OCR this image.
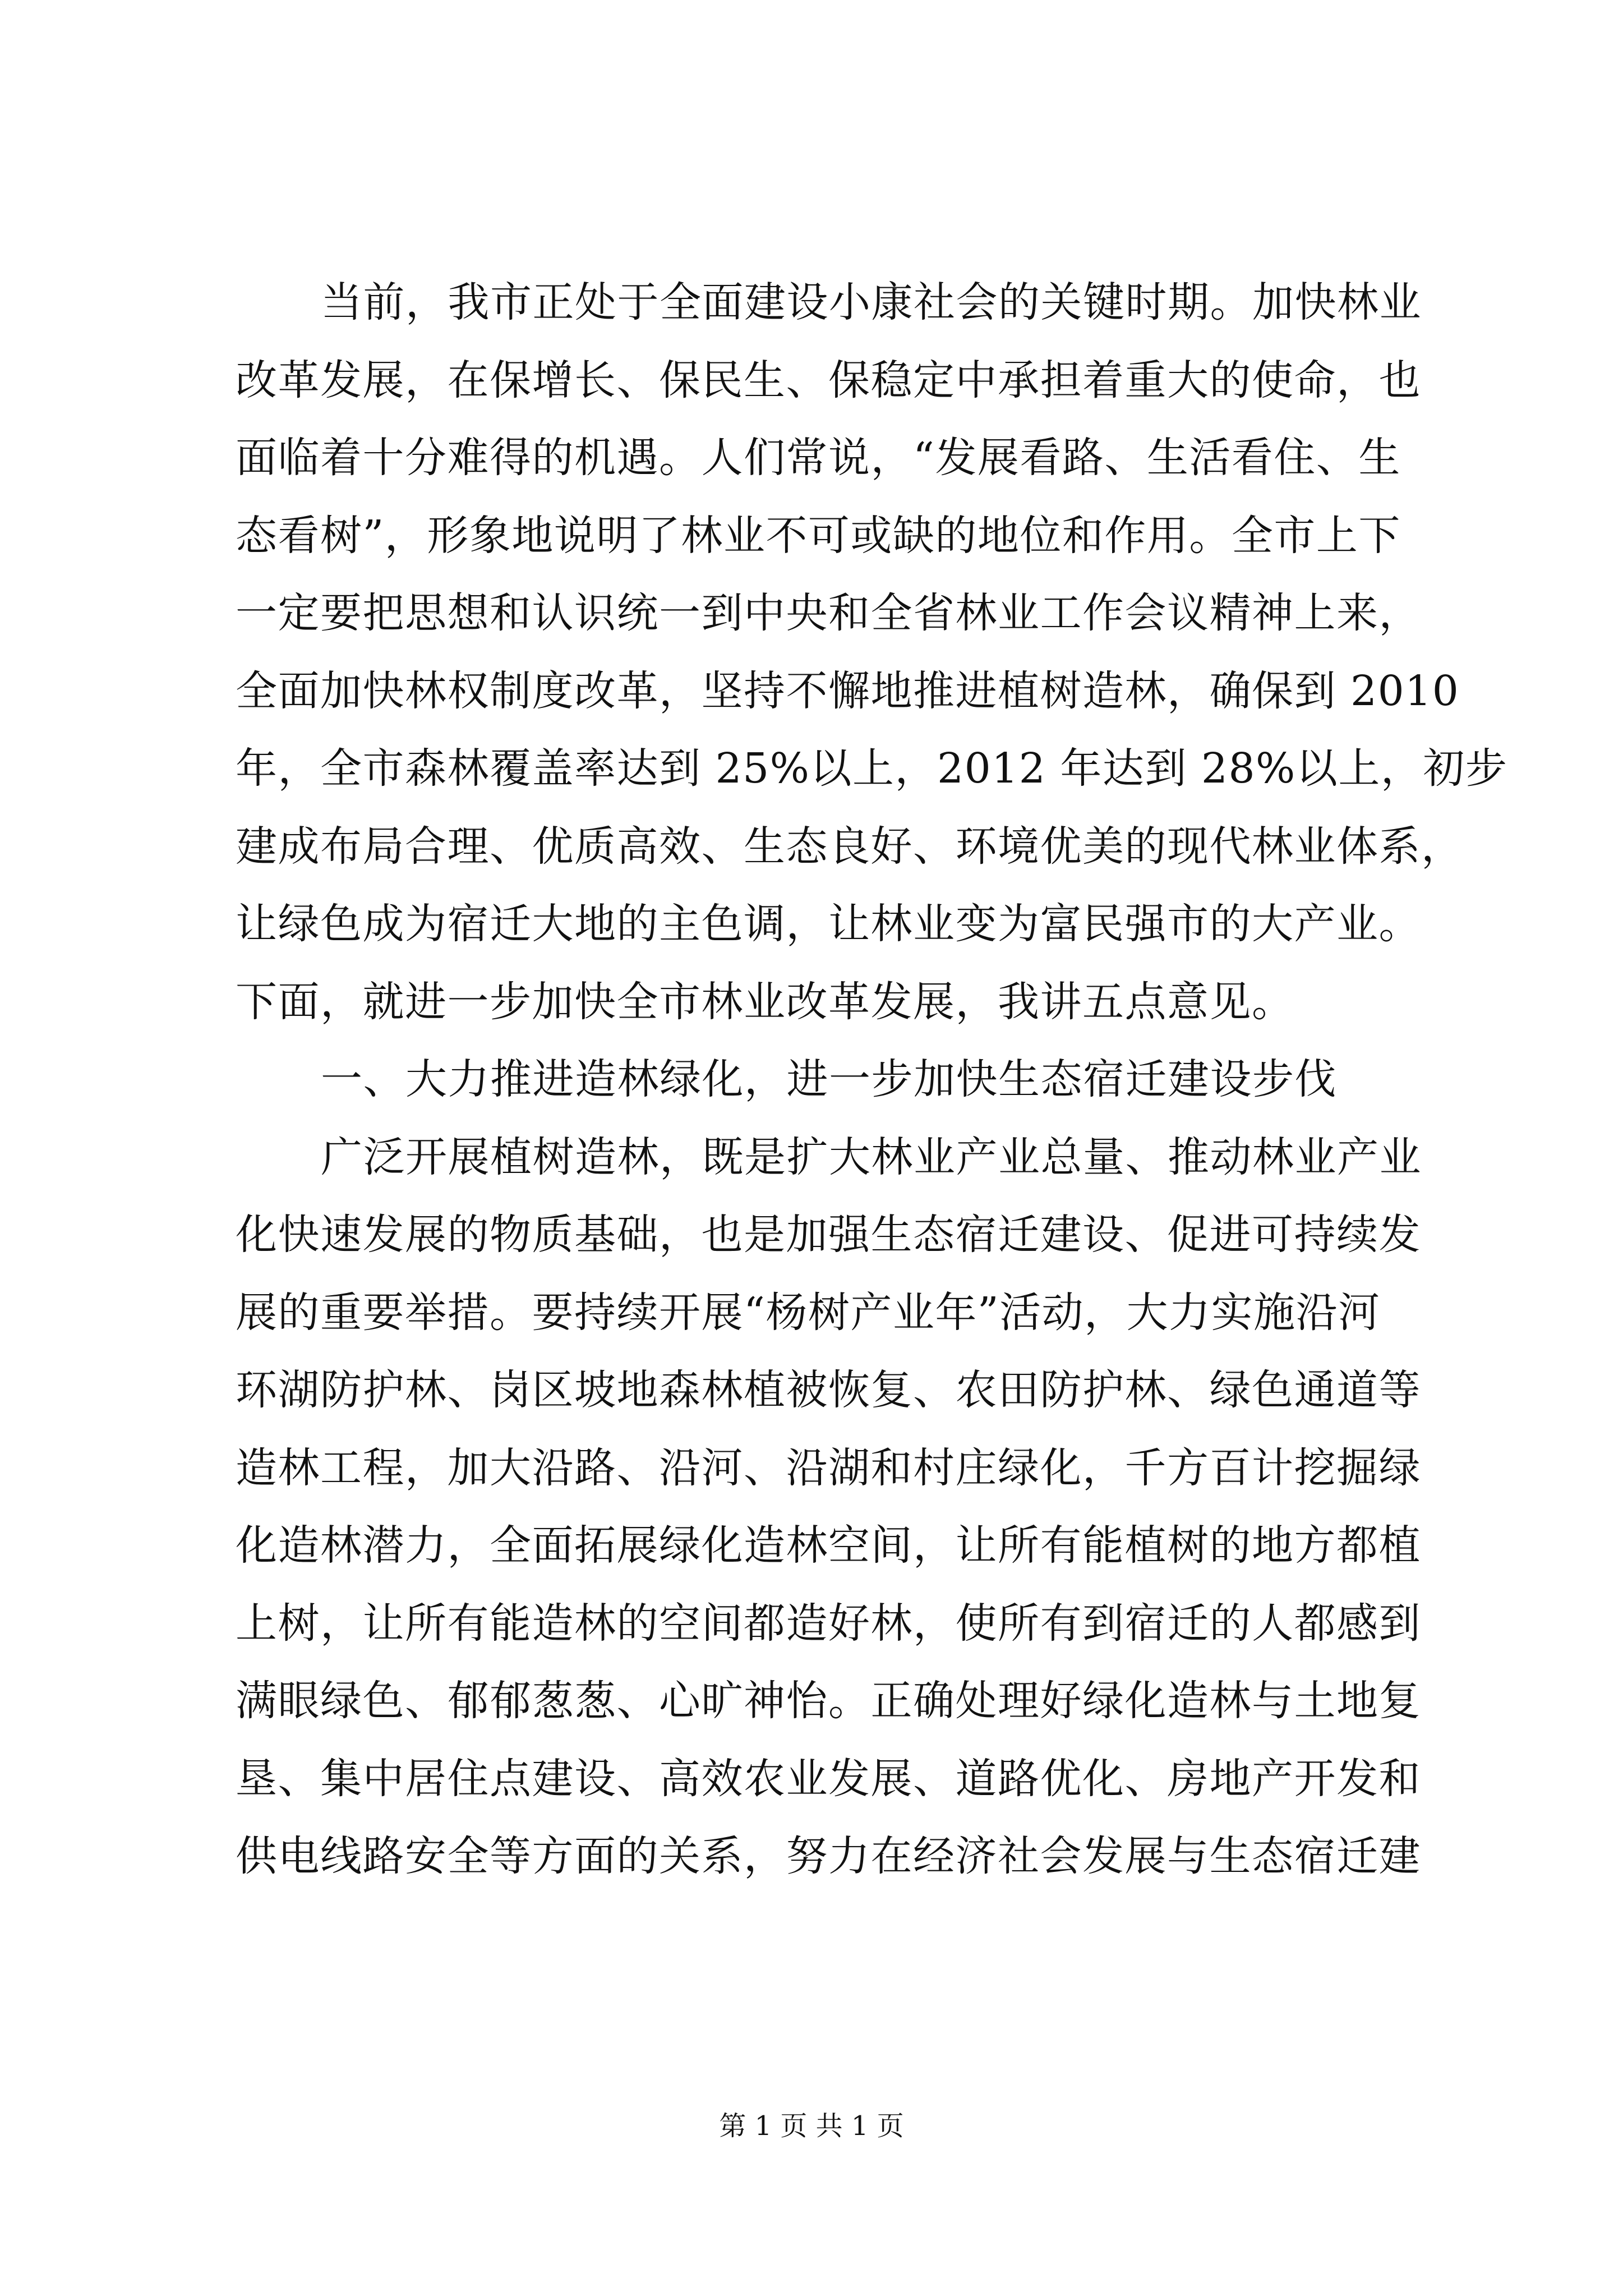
当前，我市正处于全面建设小康社会的关键时期。加快林业
改革发展，在保增长、保民生、保稳定中承担着重大的使命，也
面临着十分难得的机遇。人们常说，“发展看路、生活看住、生
态看树”，形象地说明了林业不可或缺的地位和作用。全市上下
一定要把思想和认识统一到中央和全省林业工作会议精神上来，
全面加快林权制度改革，坚持不懈地推进植树造林，确保到 2010
年，全市森林覆盖率达到 25%以上，2012 年达到 28%以上，初步
建成布局合理、优质高效、生态良好、环境优美的现代林业体系，
让绿色成为宿迁大地的主色调，让林业变为富民强市的大产业。
下面，就进一步加快全市林业改革发展，我讲五点意见。
一、大力推进造林绿化，进一步加快生态宿迁建设步伐
广泛开展植树造林，既是扩大林业产业总量、推动林业产业
化快速发展的物质基础，也是加强生态宿迁建设、促进可持续发
展的重要举措。要持续开展“杨树产业年”活动，大力实施沿河
环湖防护林、岗区坡地森林植被恢复、农田防护林、绿色通道等
造林工程，加大沿路、沿河、沿湖和村庄绿化，千方百计挖掘绿
化造林潜力，全面拓展绿化造林空间，让所有能植树的地方都植
上树，让所有能造林的空间都造好林，使所有到宿迁的人都感到
满眼绿色、郁郁葱葱、心旷神怡。正确处理好绿化造林与土地复
垦、集中居住点建设、高效农业发展、道路优化、房地产开发和
供电线路安全等方面的关系，努力在经济社会发展与生态宿迁建
第 1 页 共 1 页
